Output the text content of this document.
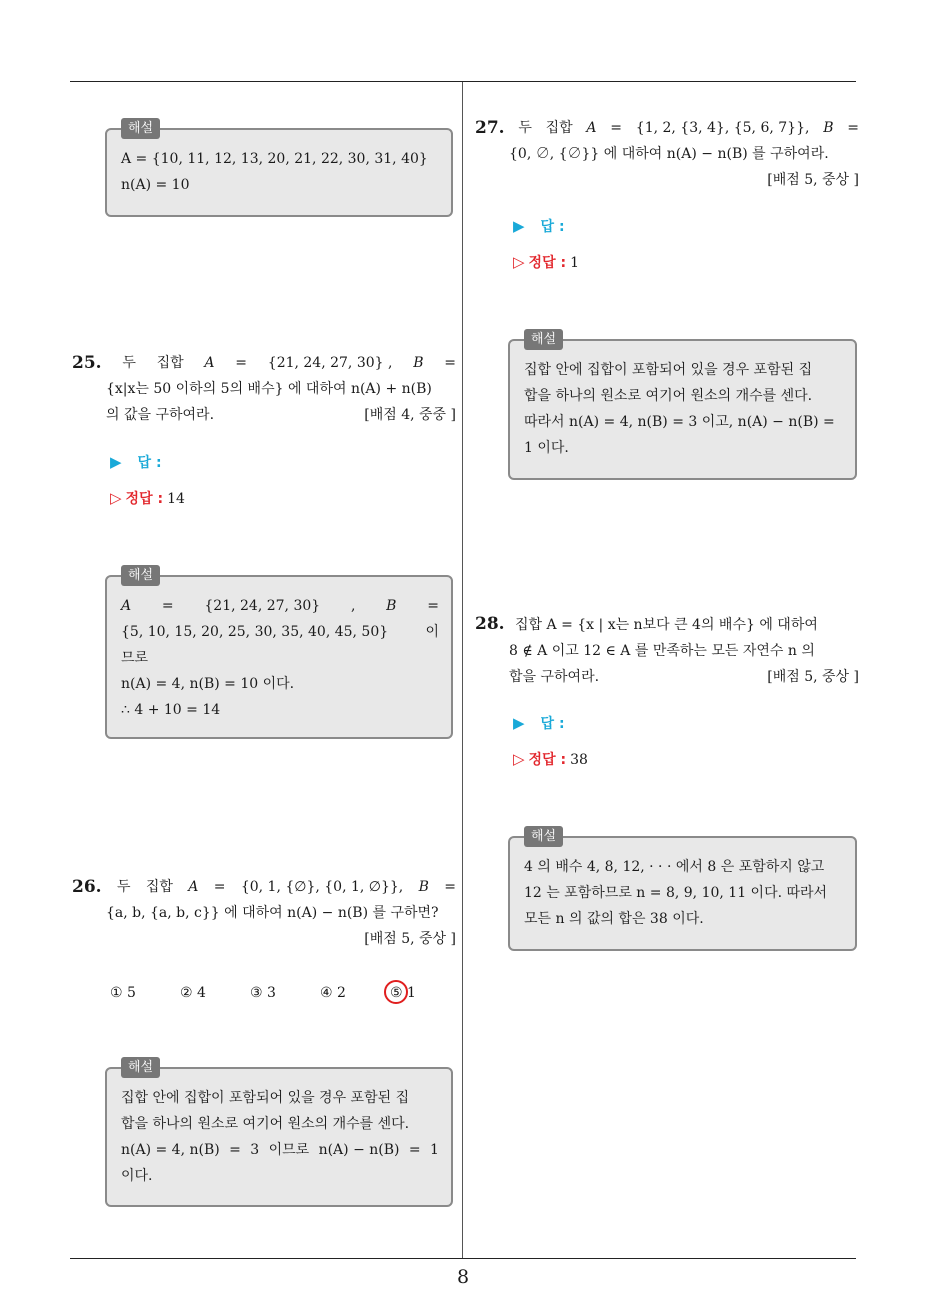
8
해설
A = {10, 11, 12, 13, 20, 21, 22, 30, 31, 40}
n(A) = 10
25. 두 집합 A = {21, 24, 27, 30} , B =
{x|x는 50 이하의 5의 배수} 에 대하여 n(A) + n(B)
의 값을 구하여라.	[배점 4, 중중 ]
▶ 답 :
▷ 정답 : 14
해설
A = {21, 24, 27, 30} , B =
{5, 10, 15, 20, 25, 30, 35, 40, 45, 50}	이
므로
n(A) = 4, n(B) = 10 이다.
∴ 4 + 10 = 14
26. 두 집합 A = {0, 1, {∅}, {0, 1, ∅}}, B =
{a, b, {a, b, c}} 에 대하여 n(A) − n(B) 를 구하면?
[배점 5, 중상 ]
① 5	② 4	③ 3	④ 2	⑤ 1
해설
집합 안에 집합이 포함되어 있을 경우 포함된 집
합을 하나의 원소로 여기어 원소의 개수를 센다.
n(A) = 4, n(B) = 3 이므로 n(A) − n(B) = 1
이다.
27. 두 집합 A = {1, 2, {3, 4}, {5, 6, 7}}, B =
{0, ∅, {∅}} 에 대하여 n(A) − n(B) 를 구하여라.
[배점 5, 중상 ]
▶ 답 :
▷ 정답 : 1
해설
집합 안에 집합이 포함되어 있을 경우 포함된 집
합을 하나의 원소로 여기어 원소의 개수를 센다.
따라서 n(A) = 4, n(B) = 3 이고, n(A) − n(B) =
1 이다.
28. 집합 A = {x | x는 n보다 큰 4의 배수} 에 대하여
8 ∉ A 이고 12 ∈ A 를 만족하는 모든 자연수 n 의
합을 구하여라.	[배점 5, 중상 ]
▶ 답 :
▷ 정답 : 38
해설
4 의 배수 4, 8, 12, · · · 에서 8 은 포함하지 않고
12 는 포함하므로 n = 8, 9, 10, 11 이다. 따라서
모든 n 의 값의 합은 38 이다.
